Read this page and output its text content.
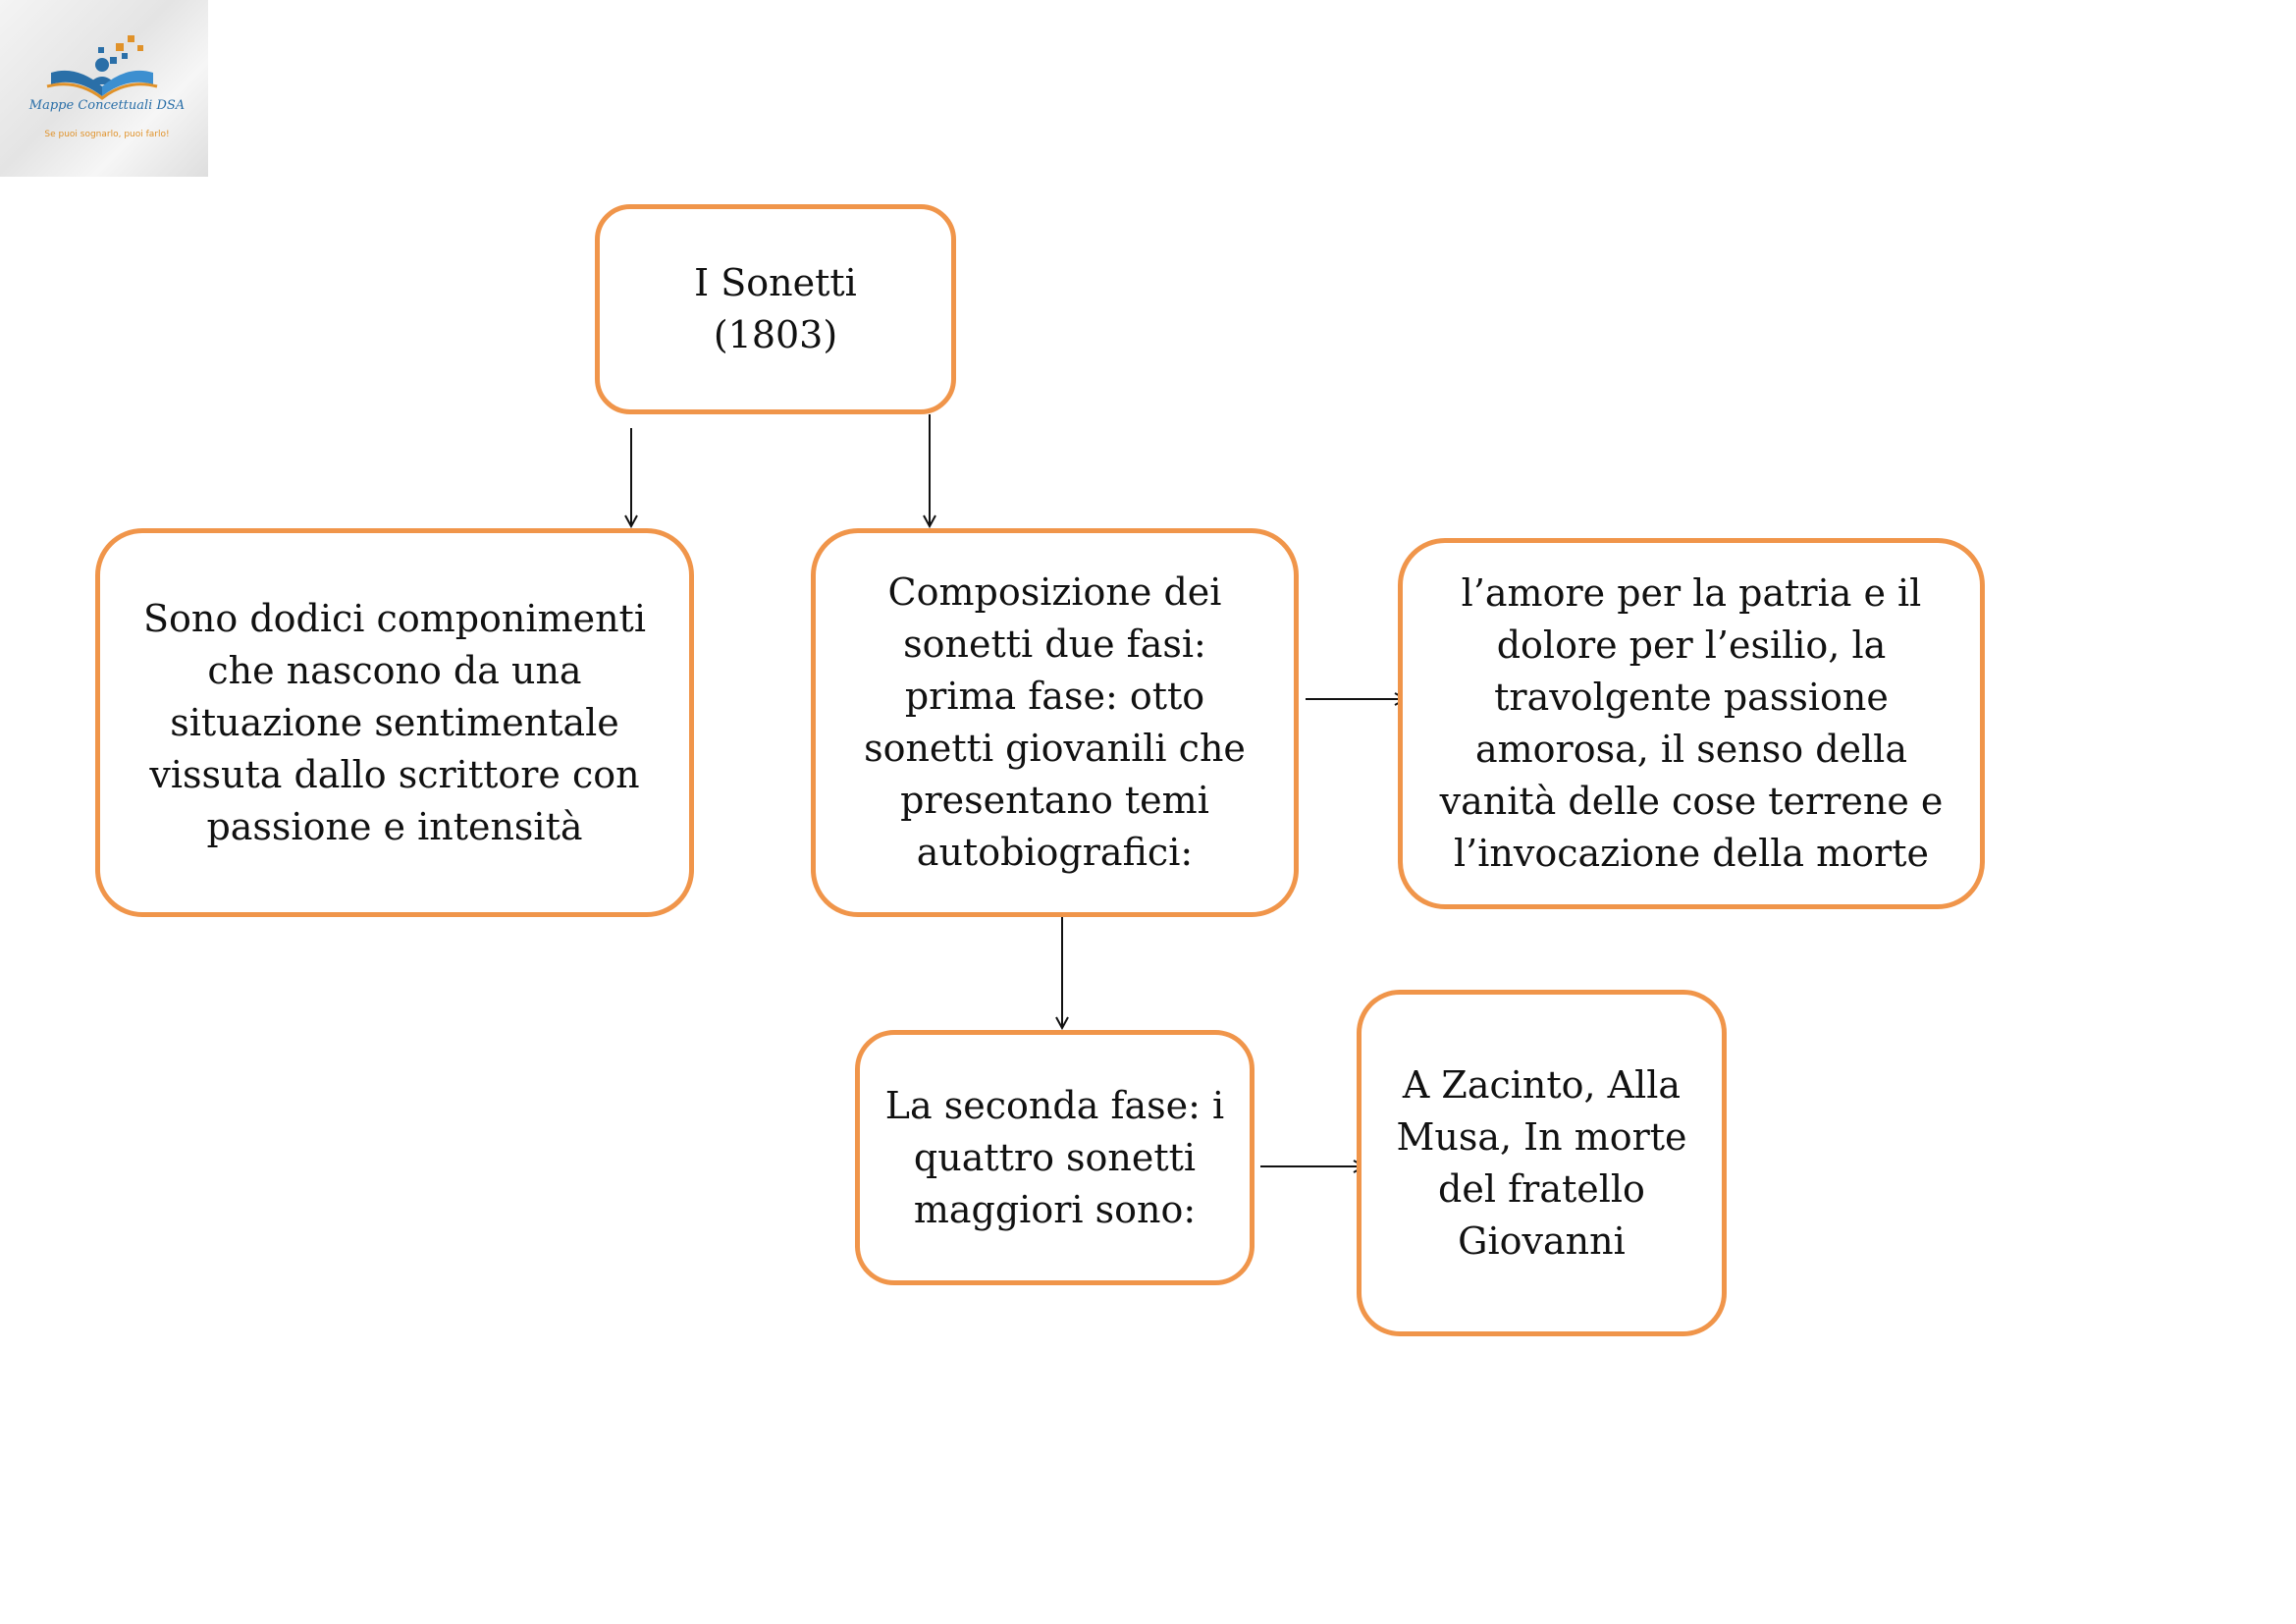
Mappe Concettuali DSA
Se puoi sognarlo, puoi farlo!
I Sonetti
(1803)
Sono dodici componimenti
che nascono da una
situazione sentimentale
vissuta dallo scrittore con
passione e intensità
Composizione dei
sonetti due fasi:
prima fase: otto
sonetti giovanili che
presentano temi
autobiografici:
l’amore per la patria e il
dolore per l’esilio, la
travolgente passione
amorosa, il senso della
vanità delle cose terrene e
l’invocazione della morte
La seconda fase: i
quattro sonetti
maggiori sono:
A Zacinto, Alla
Musa, In morte
del fratello
Giovanni
